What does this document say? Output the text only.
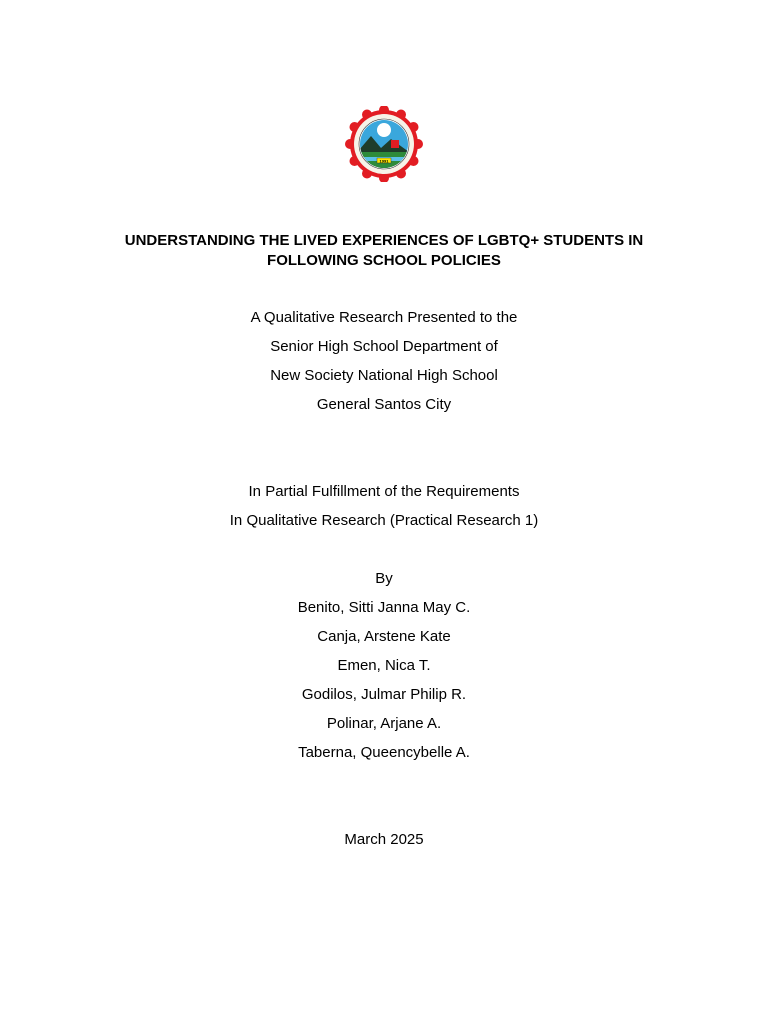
1991
UNDERSTANDING THE LIVED EXPERIENCES OF LGBTQ+ STUDENTS IN
FOLLOWING SCHOOL POLICIES
A Qualitative Research Presented to the
Senior High School Department of
New Society National High School
General Santos City
In Partial Fulfillment of the Requirements
In Qualitative Research (Practical Research 1)
By
Benito, Sitti Janna May C.
Canja, Arstene Kate
Emen, Nica T.
Godilos, Julmar Philip R.
Polinar, Arjane A.
Taberna, Queencybelle A.
March 2025
